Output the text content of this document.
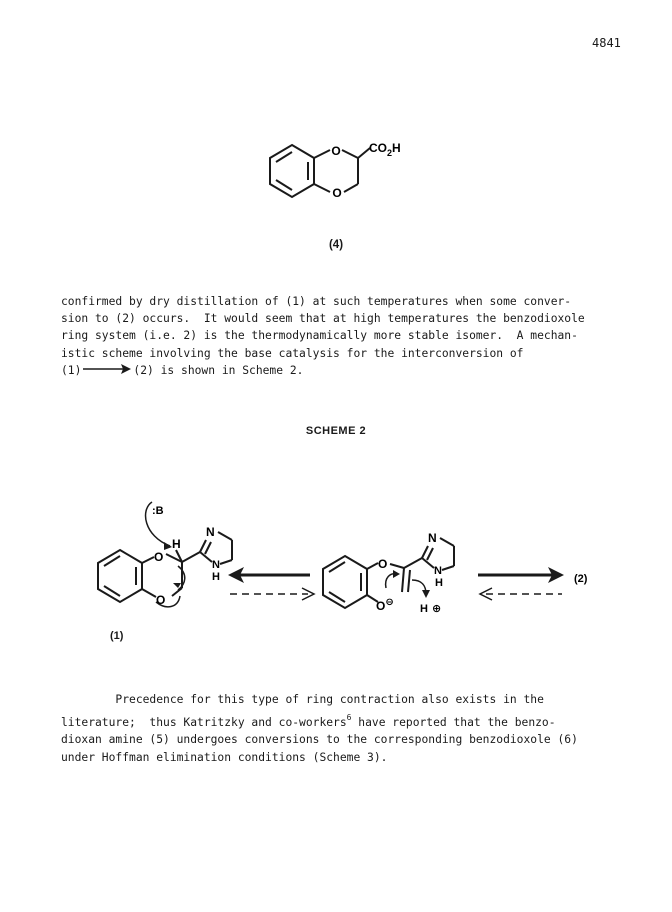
4841
O
O
$CO_2H$
(4)
confirmed by dry distillation of (1) at such temperatures when some conver-
sion to (2) occurs.  It would seem that at high temperatures the benzodioxole
ring system (i.e. 2) is the thermodynamically more stable isomer.  A mechan-
istic scheme involving the base catalysis for the interconversion of
(1)	(2) is shown in Scheme 2.
SCHEME 2
:B
O
H
O
N
N
H
O
O⊖
N
N
H
H ⊕
(2)
(1)
Precedence for this type of ring contraction also exists in the
literature;  thus Katritzky and co-workers$^6$ have reported that the benzo-
dioxan amine (5) undergoes conversions to the corresponding benzodioxole (6)
under Hoffman elimination conditions (Scheme 3).
